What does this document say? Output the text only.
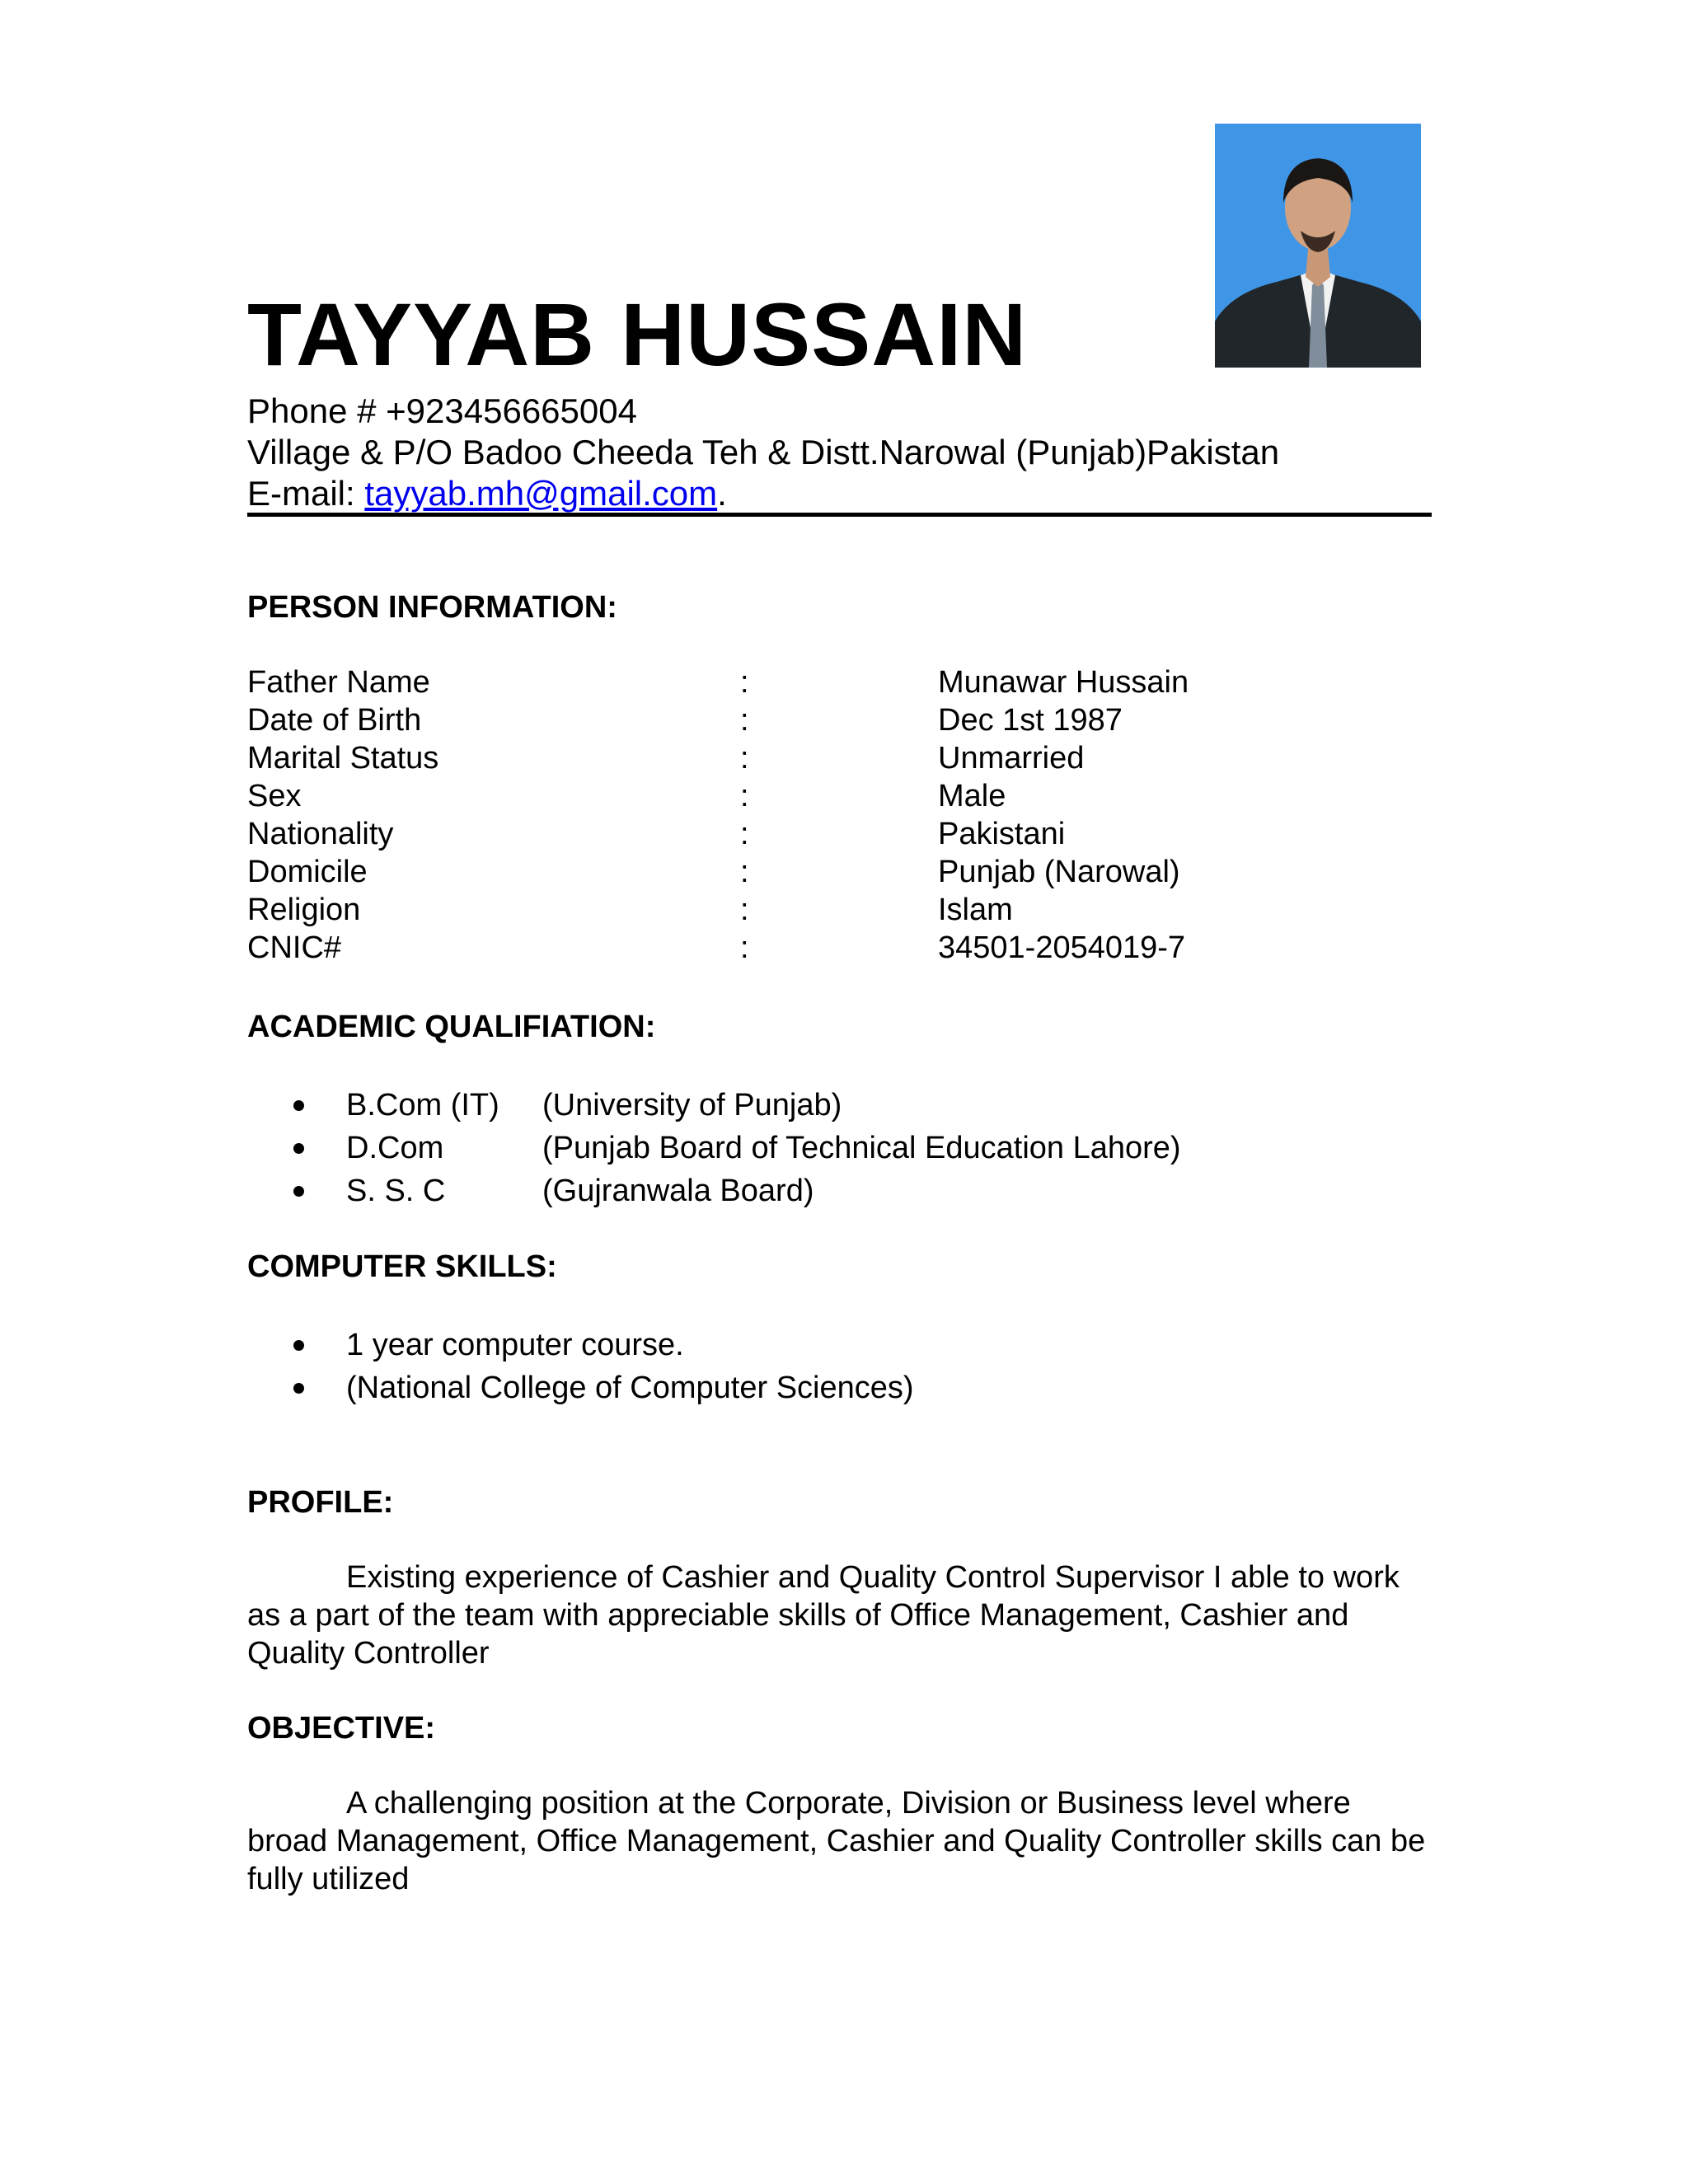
TAYYAB HUSSAIN
Phone # +923456665004
Village & P/O Badoo Cheeda Teh & Distt.Narowal (Punjab)Pakistan
E-mail: tayyab.mh@gmail.com.
PERSON INFORMATION:
Father Name	:	Munawar Hussain
Date of Birth	:	Dec 1st 1987
Marital Status	:	Unmarried
Sex	:	Male
Nationality	:	Pakistani
Domicile	:	Punjab (Narowal)
Religion	:	Islam
CNIC#	:	34501-2054019-7
ACADEMIC QUALIFIATION:
B.Com (IT) (University of Punjab)
D.Com	(Punjab Board of Technical Education Lahore)
S. S. C	(Gujranwala Board)
COMPUTER SKILLS:
1 year computer course.
(National College of Computer Sciences)
PROFILE:
Existing experience of Cashier and Quality Control Supervisor I able to work as a part of the team with appreciable skills of Office Management, Cashier and Quality Controller
OBJECTIVE:
A challenging position at the Corporate, Division or Business level where broad Management, Office Management, Cashier and Quality Controller skills can be fully utilized
